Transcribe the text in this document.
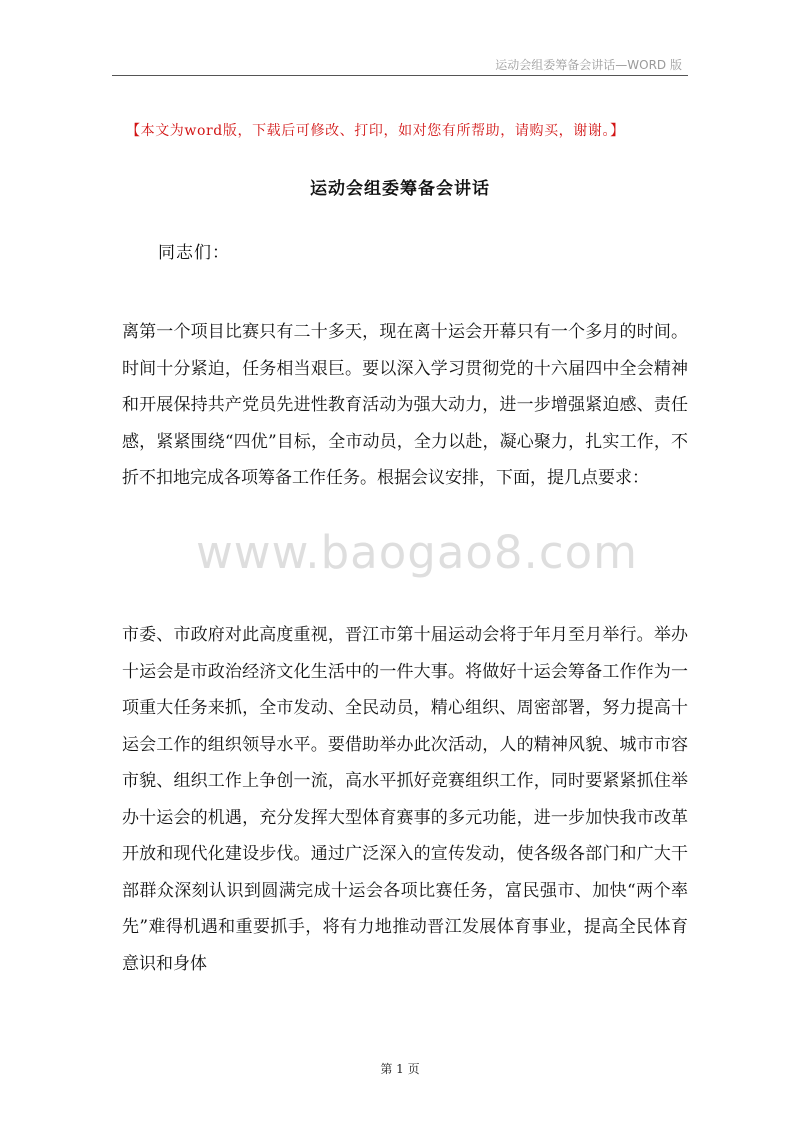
运动会组委筹备会讲话—WORD 版
【本文为word版，下载后可修改、打印，如对您有所帮助，请购买，谢谢。】
运动会组委筹备会讲话
同志们：

离第一个项目比赛只有二十多天，现在离十运会开幕只有一个多月的时间。时间十分紧迫，任务相当艰巨。要以深入学习贯彻党的十六届四中全会精神和开展保持共产党员先进性教育活动为强大动力，进一步增强紧迫感、责任感，紧紧围绕“四优”目标，全市动员，全力以赴，凝心聚力，扎实工作，不折不扣地完成各项筹备工作任务。根据会议安排，下面，提几点要求：

www.baogao8.com

市委、市政府对此高度重视，晋江市第十届运动会将于年月至月举行。举办十运会是市政治经济文化生活中的一件大事。将做好十运会筹备工作作为一项重大任务来抓，全市发动、全民动员，精心组织、周密部署，努力提高十运会工作的组织领导水平。要借助举办此次活动，人的精神风貌、城市市容市貌、组织工作上争创一流，高水平抓好竞赛组织工作，同时要紧紧抓住举办十运会的机遇，充分发挥大型体育赛事的多元功能，进一步加快我市改革开放和现代化建设步伐。通过广泛深入的宣传发动，使各级各部门和广大干部群众深刻认识到圆满完成十运会各项比赛任务，富民强市、加快“两个率先”难得机遇和重要抓手，将有力地推动晋江发展体育事业，提高全民体育意识和身体

第 1 页
